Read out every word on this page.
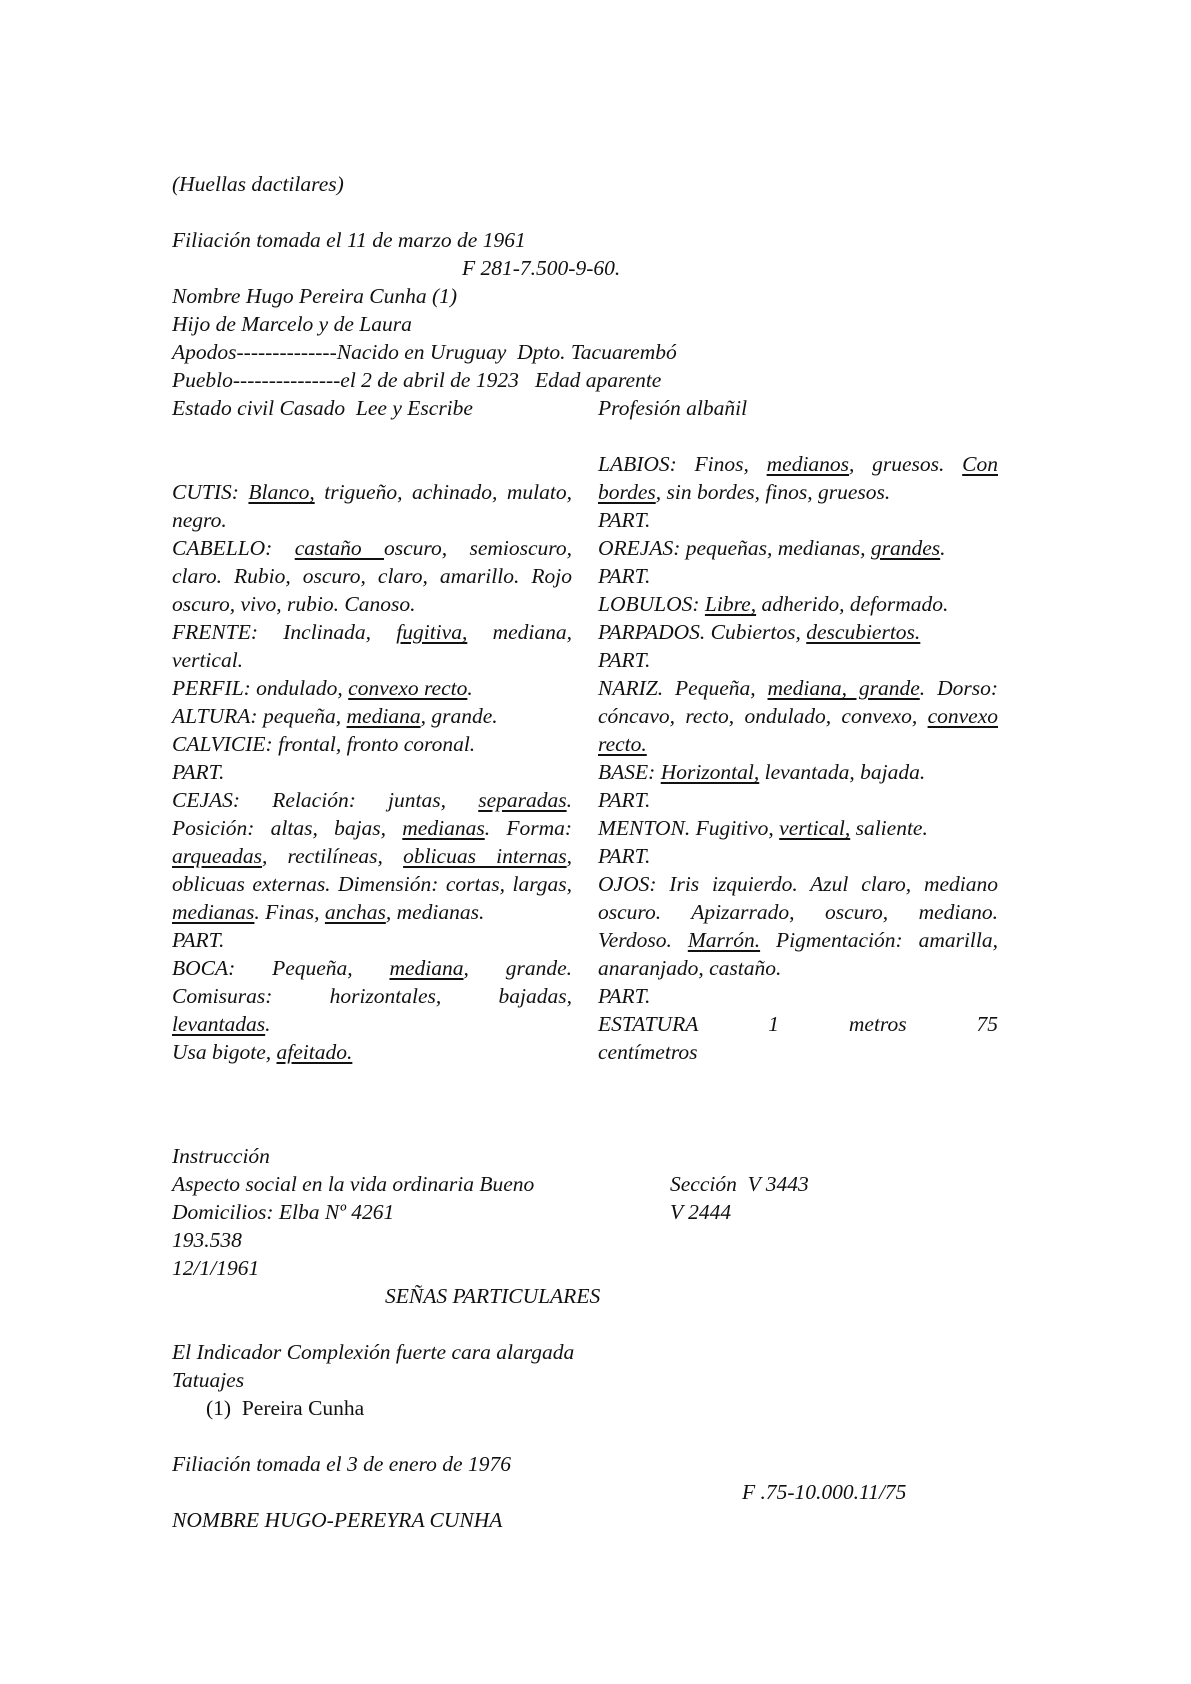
(Huellas dactilares)
Filiación tomada el 11 de marzo de 1961
F 281-7.500-9-60.
Nombre Hugo Pereira Cunha (1)
Hijo de Marcelo y de Laura
Apodos--------------Nacido en Uruguay  Dpto. Tacuarembó
Pueblo---------------el 2 de abril de 1923   Edad aparente
Estado civil Casado  Lee y Escribe	Profesión albañil

CUTIS: Blanco, trigueño, achinado, mulato, negro.

CABELLO: castaño oscuro, semioscuro, claro. Rubio, oscuro, claro, amarillo. Rojo oscuro, vivo, rubio. Canoso.

FRENTE: Inclinada, fugitiva, mediana, vertical.

PERFIL: ondulado, convexo recto.

ALTURA: pequeña, mediana, grande.

CALVICIE: frontal, fronto coronal.

PART.

CEJAS: Relación: juntas, separadas. Posición: altas, bajas, medianas. Forma: arqueadas, rectilíneas, oblicuas internas, oblicuas externas. Dimensión: cortas, largas, medianas. Finas, anchas, medianas.

PART.

BOCA: Pequeña, mediana, grande. Comisuras: horizontales, bajadas, levantadas.

Usa bigote, afeitado.

LABIOS: Finos, medianos, gruesos. Con bordes, sin bordes, finos, gruesos.

PART.

OREJAS: pequeñas, medianas, grandes.

PART.

LOBULOS: Libre, adherido, deformado.

PARPADOS. Cubiertos, descubiertos.

PART.

NARIZ. Pequeña, mediana, grande. Dorso: cóncavo, recto, ondulado, convexo, convexo recto.

BASE: Horizontal, levantada, bajada.

PART.

MENTON. Fugitivo, vertical, saliente.

PART.

OJOS: Iris izquierdo. Azul claro, mediano oscuro. Apizarrado, oscuro, mediano. Verdoso. Marrón. Pigmentación: amarilla, anaranjado, castaño.

PART.

ESTATURA	1	metros	75

centímetros

Instrucción
Aspecto social en la vida ordinaria Bueno	Sección  V 3443
Domicilios: Elba Nº 4261	V 2444
193.538
12/1/1961
SEÑAS PARTICULARES
El Indicador Complexión fuerte cara alargada
Tatuajes
(1)  Pereira Cunha
Filiación tomada el 3 de enero de 1976
F .75-10.000.11/75
NOMBRE HUGO-PEREYRA CUNHA
